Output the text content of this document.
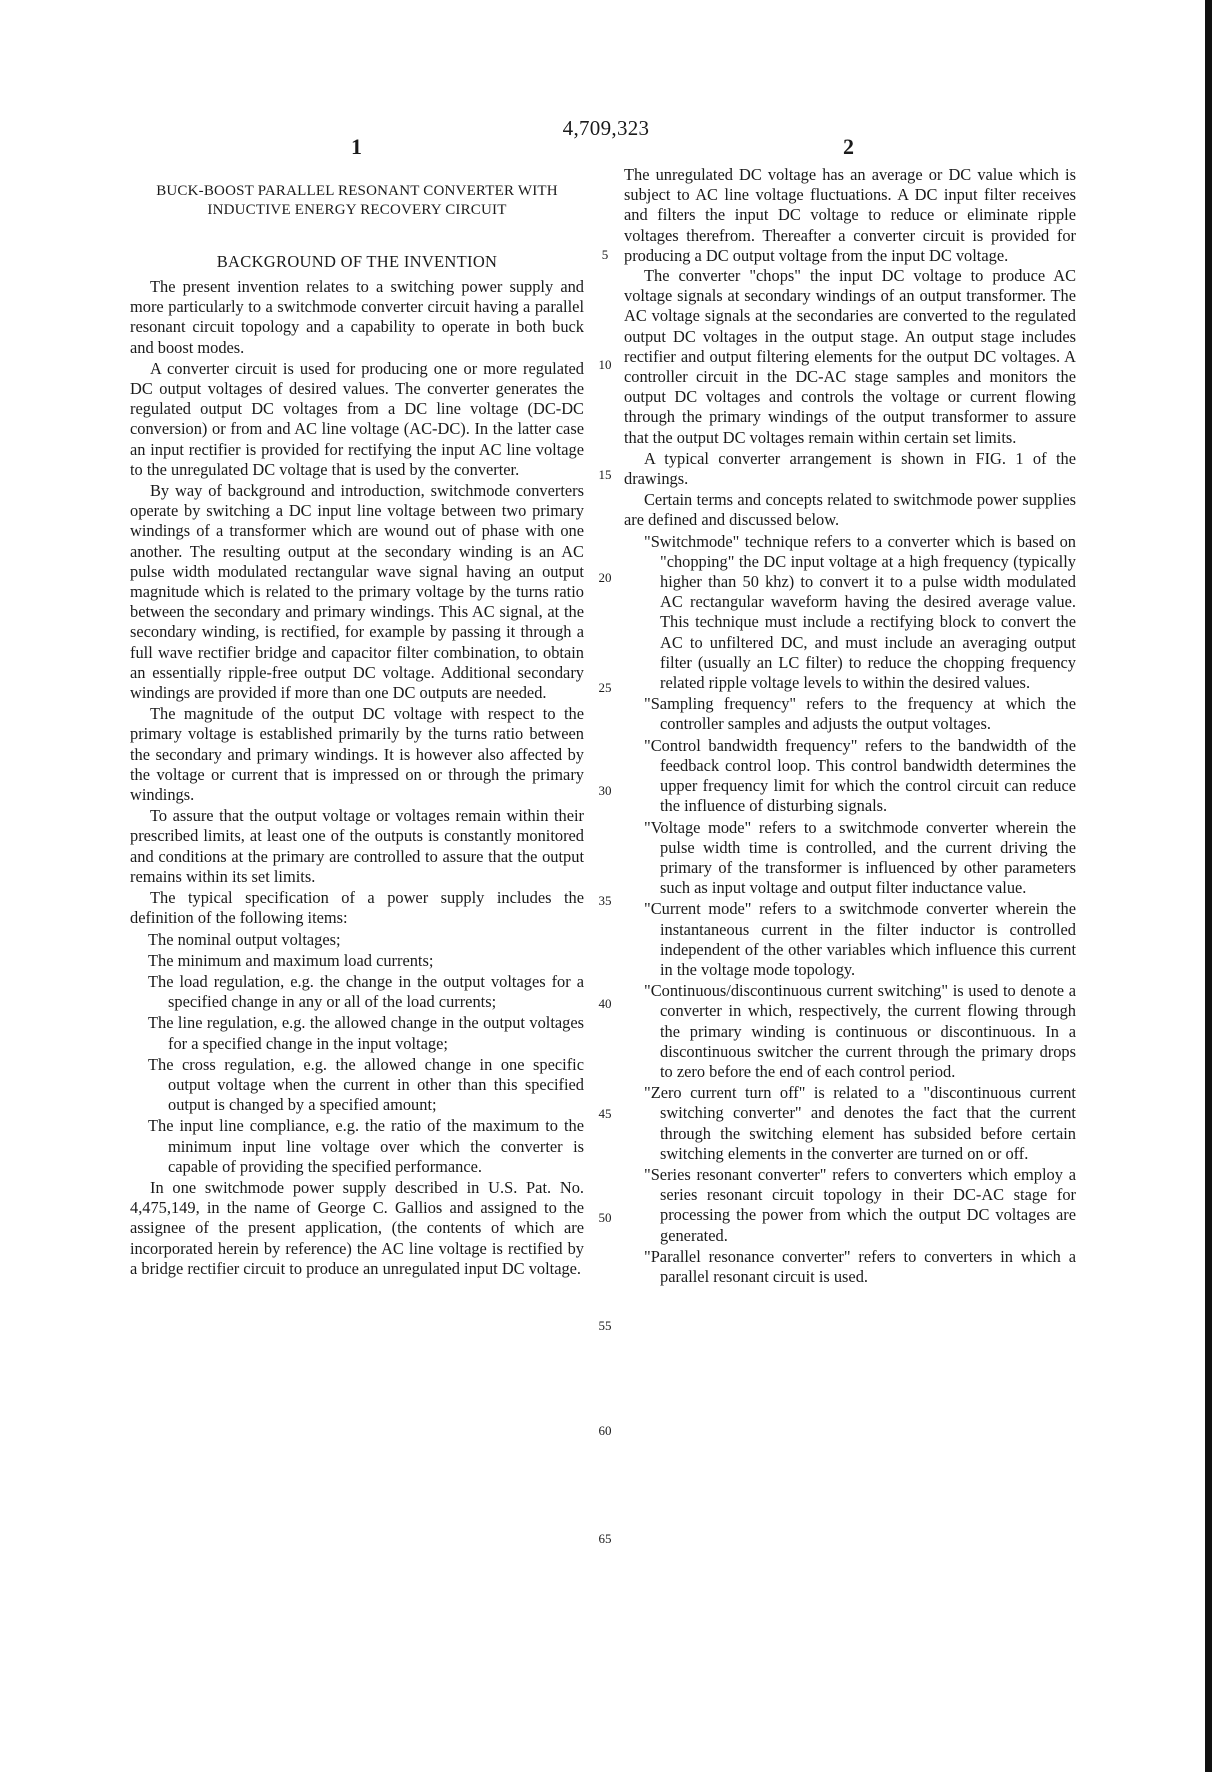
4,709,323
1	2
BUCK-BOOST PARALLEL RESONANT CONVERTER WITH INDUCTIVE ENERGY RECOVERY CIRCUIT
BACKGROUND OF THE INVENTION

The present invention relates to a switching power supply and more particularly to a switchmode converter circuit having a parallel resonant circuit topology and a capability to operate in both buck and boost modes.

A converter circuit is used for producing one or more regulated DC output voltages of desired values. The converter generates the regulated output DC voltages from a DC line voltage (DC-DC conversion) or from and AC line voltage (AC-DC). In the latter case an input rectifier is provided for rectifying the input AC line voltage to the unregulated DC voltage that is used by the converter.

By way of background and introduction, switchmode converters operate by switching a DC input line voltage between two primary windings of a transformer which are wound out of phase with one another. The resulting output at the secondary winding is an AC pulse width modulated rectangular wave signal having an output magnitude which is related to the primary voltage by the turns ratio between the secondary and primary windings. This AC signal, at the secondary winding, is rectified, for example by passing it through a full wave rectifier bridge and capacitor filter combination, to obtain an essentially ripple-free output DC voltage. Additional secondary windings are provided if more than one DC outputs are needed.

The magnitude of the output DC voltage with respect to the primary voltage is established primarily by the turns ratio between the secondary and primary windings. It is however also affected by the voltage or current that is impressed on or through the primary windings.

To assure that the output voltage or voltages remain within their prescribed limits, at least one of the outputs is constantly monitored and conditions at the primary are controlled to assure that the output remains within its set limits.

The typical specification of a power supply includes the definition of the following items:

The nominal output voltages;

The minimum and maximum load currents;

The load regulation, e.g. the change in the output voltages for a specified change in any or all of the load currents;

The line regulation, e.g. the allowed change in the output voltages for a specified change in the input voltage;

The cross regulation, e.g. the allowed change in one specific output voltage when the current in other than this specified output is changed by a specified amount;

The input line compliance, e.g. the ratio of the maximum to the minimum input line voltage over which the converter is capable of providing the specified performance.

In one switchmode power supply described in U.S. Pat. No. 4,475,149, in the name of George C. Gallios and assigned to the assignee of the present application, (the contents of which are incorporated herein by reference) the AC line voltage is rectified by a bridge rectifier circuit to produce an unregulated input DC voltage.

5
10
15
20
25
30
35
40
45
50
55
60
65

The unregulated DC voltage has an average or DC value which is subject to AC line voltage fluctuations. A DC input filter receives and filters the input DC voltage to reduce or eliminate ripple voltages therefrom. Thereafter a converter circuit is provided for producing a DC output voltage from the input DC voltage.

The converter "chops" the input DC voltage to produce AC voltage signals at secondary windings of an output transformer. The AC voltage signals at the secondaries are converted to the regulated output DC voltages in the output stage. An output stage includes rectifier and output filtering elements for the output DC voltages. A controller circuit in the DC-AC stage samples and monitors the output DC voltages and controls the voltage or current flowing through the primary windings of the output transformer to assure that the output DC voltages remain within certain set limits.

A typical converter arrangement is shown in FIG. 1 of the drawings.

Certain terms and concepts related to switchmode power supplies are defined and discussed below.

"Switchmode" technique refers to a converter which is based on "chopping" the DC input voltage at a high frequency (typically higher than 50 khz) to convert it to a pulse width modulated AC rectangular waveform having the desired average value. This technique must include a rectifying block to convert the AC to unfiltered DC, and must include an averaging output filter (usually an LC filter) to reduce the chopping frequency related ripple voltage levels to within the desired values.

"Sampling frequency" refers to the frequency at which the controller samples and adjusts the output voltages.

"Control bandwidth frequency" refers to the bandwidth of the feedback control loop. This control bandwidth determines the upper frequency limit for which the control circuit can reduce the influence of disturbing signals.

"Voltage mode" refers to a switchmode converter wherein the pulse width time is controlled, and the current driving the primary of the transformer is influenced by other parameters such as input voltage and output filter inductance value.

"Current mode" refers to a switchmode converter wherein the instantaneous current in the filter inductor is controlled independent of the other variables which influence this current in the voltage mode topology.

"Continuous/discontinuous current switching" is used to denote a converter in which, respectively, the current flowing through the primary winding is continuous or discontinuous. In a discontinuous switcher the current through the primary drops to zero before the end of each control period.

"Zero current turn off" is related to a "discontinuous current switching converter" and denotes the fact that the current through the switching element has subsided before certain switching elements in the converter are turned on or off.

"Series resonant converter" refers to converters which employ a series resonant circuit topology in their DC-AC stage for processing the power from which the output DC voltages are generated.

"Parallel resonance converter" refers to converters in which a parallel resonant circuit is used.
